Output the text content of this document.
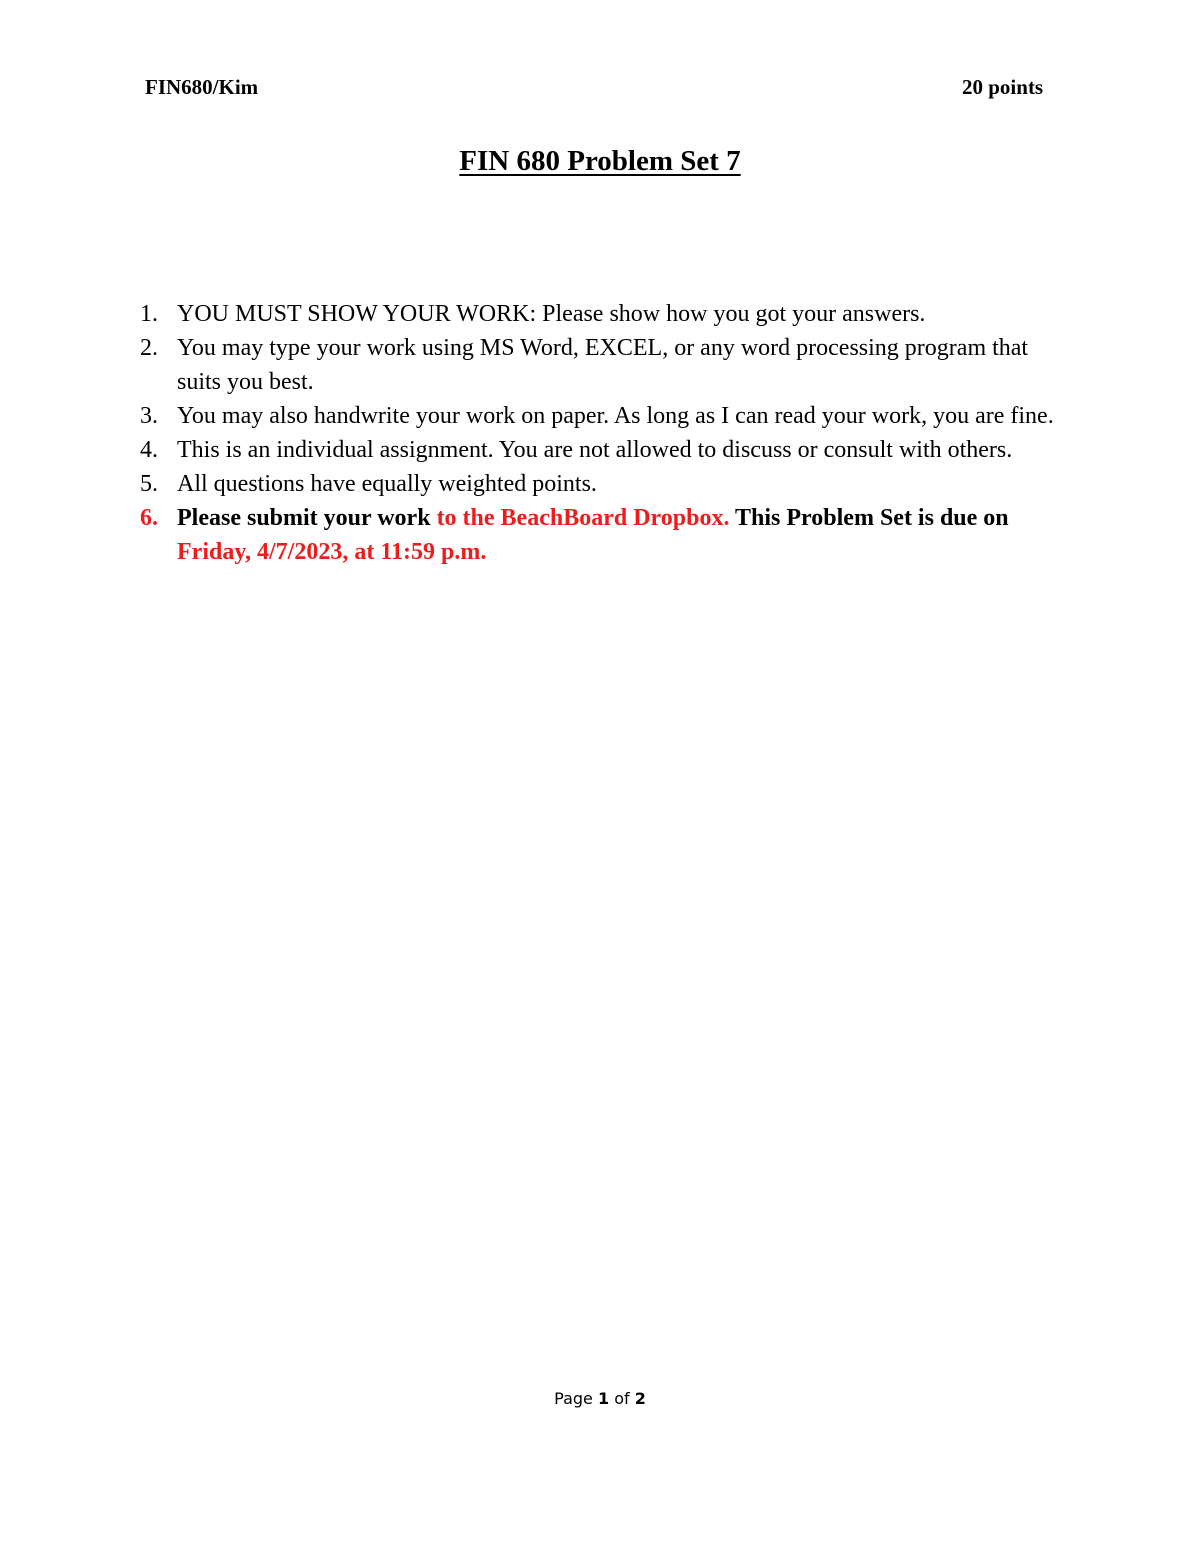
FIN680/Kim	20 points
FIN 680 Problem Set 7
1. YOU MUST SHOW YOUR WORK: Please show how you got your answers.
2. You may type your work using MS Word, EXCEL, or any word processing program that suits you best.
3. You may also handwrite your work on paper. As long as I can read your work, you are fine.
4. This is an individual assignment. You are not allowed to discuss or consult with others.
5. All questions have equally weighted points.
6. Please submit your work to the BeachBoard Dropbox. This Problem Set is due on Friday, 4/7/2023, at 11:59 p.m.
Page 1 of 2
